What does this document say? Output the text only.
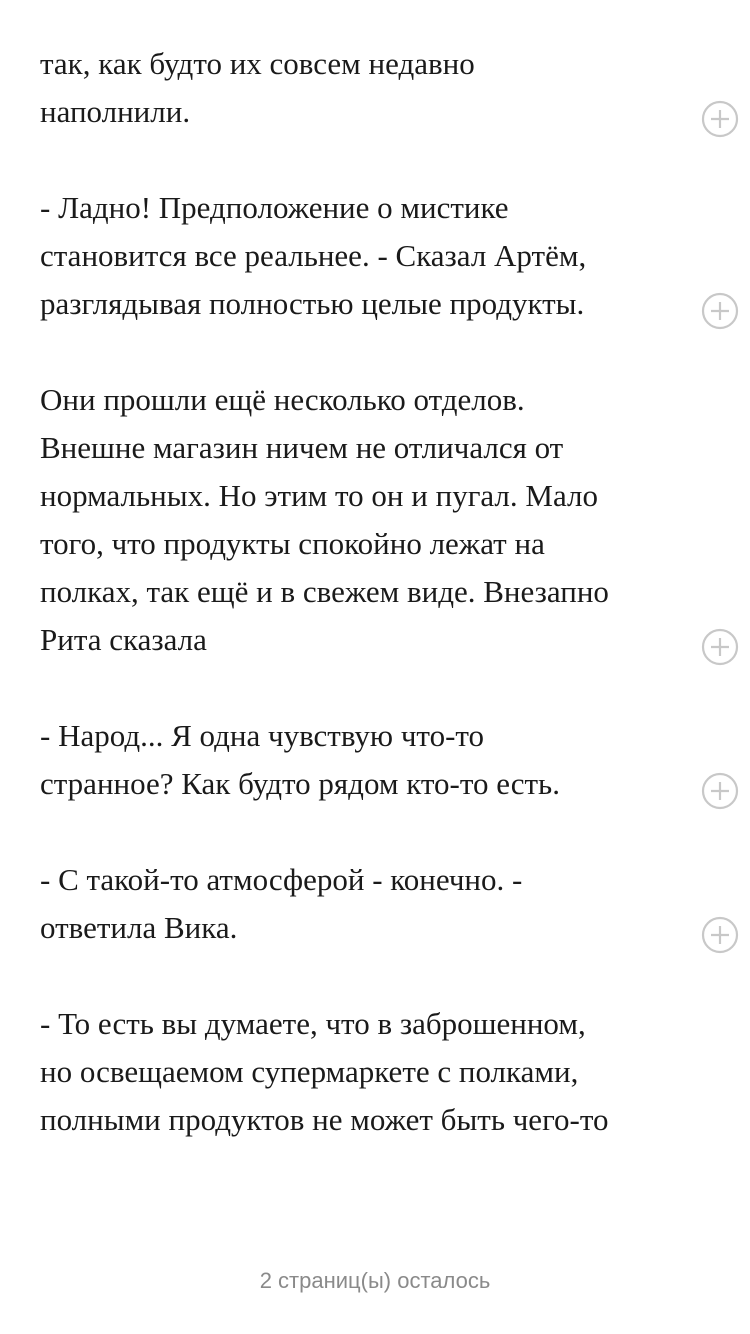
так, как будто их совсем недавно
наполнили.
- Ладно! Предположение о мистике
становится все реальнее. - Сказал Артём,
разглядывая полностью целые продукты.
Они прошли ещё несколько отделов.
Внешне магазин ничем не отличался от
нормальных. Но этим то он и пугал. Мало
того, что продукты спокойно лежат на
полках, так ещё и в свежем виде. Внезапно
Рита сказала
- Народ... Я одна чувствую что-то
странное? Как будто рядом кто-то есть.
- С такой-то атмосферой - конечно. -
ответила Вика.
- То есть вы думаете, что в заброшенном,
но освещаемом супермаркете с полками,
полными продуктов не может быть чего-то
2 страниц(ы) осталось
